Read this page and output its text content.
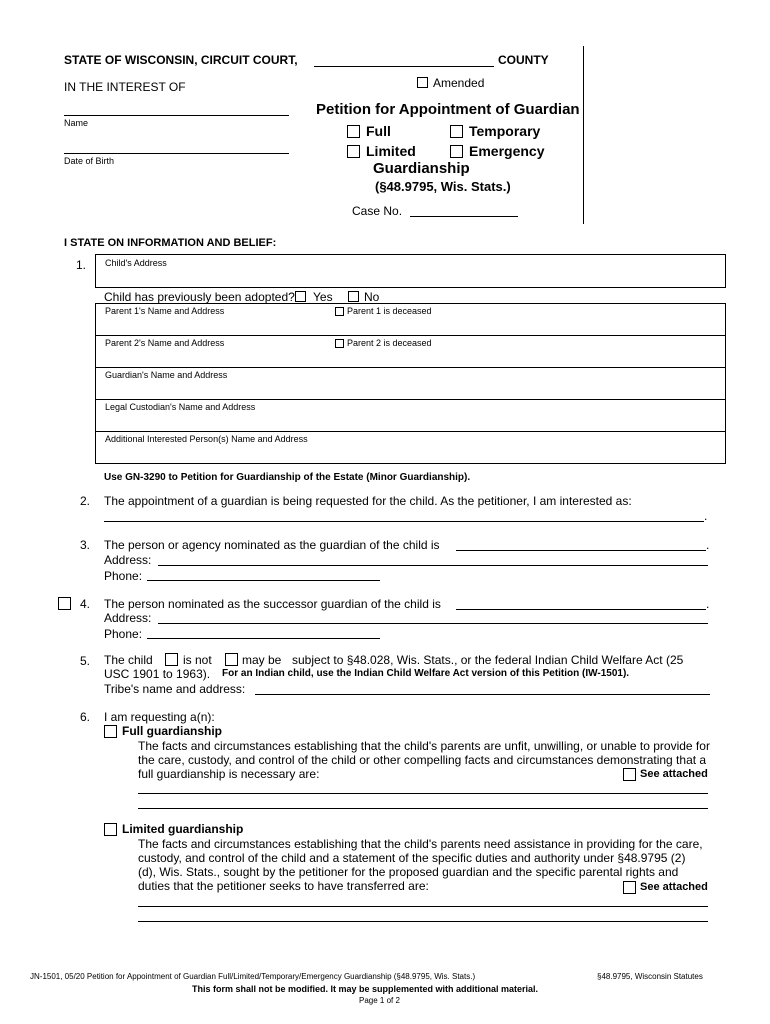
STATE OF WISCONSIN, CIRCUIT COURT,	COUNTY
IN THE INTEREST OF	Amended
Name
Date of Birth
Petition for Appointment of Guardian
Full	Temporary
Limited	Emergency
Guardianship
(§48.9795, Wis. Stats.)
Case No.
I STATE ON INFORMATION AND BELIEF:
1. Child's Address
Child has previously been adopted? Yes	No
Parent 1's Name and Address	Parent 1 is deceased
Parent 2's Name and Address	Parent 2 is deceased
Guardian's Name and Address
Legal Custodian's Name and Address
Additional Interested Person(s) Name and Address
Use GN-3290 to Petition for Guardianship of the Estate (Minor Guardianship).
2. The appointment of a guardian is being requested for the child. As the petitioner, I am interested as:
.
3. The person or agency nominated as the guardian of the child is	.
Address:
Phone:
4. The person nominated as the successor guardian of the child is	.
Address:
Phone:
5. The child	is not	may be subject to §48.028, Wis. Stats., or the federal Indian Child Welfare Act (25
USC 1901 to 1963). For an Indian child, use the Indian Child Welfare Act version of this Petition (IW-1501).
Tribe's name and address:
6. I am requesting a(n):
Full guardianship
The facts and circumstances establishing that the child's parents are unfit, unwilling, or unable to provide for the care, custody, and control of the child or other compelling facts and circumstances demonstrating that a full guardianship is necessary are:	See attached
Limited guardianship
The facts and circumstances establishing that the child's parents need assistance in providing for the care, custody, and control of the child and a statement of the specific duties and authority under §48.9795 (2) (d), Wis. Stats., sought by the petitioner for the proposed guardian and the specific parental rights and duties that the petitioner seeks to have transferred are:	See attached
JN-1501, 05/20 Petition for Appointment of Guardian Full/Limited/Temporary/Emergency Guardianship (§48.9795, Wis. Stats.)	§48.9795, Wisconsin Statutes
This form shall not be modified. It may be supplemented with additional material.
Page 1 of 2
